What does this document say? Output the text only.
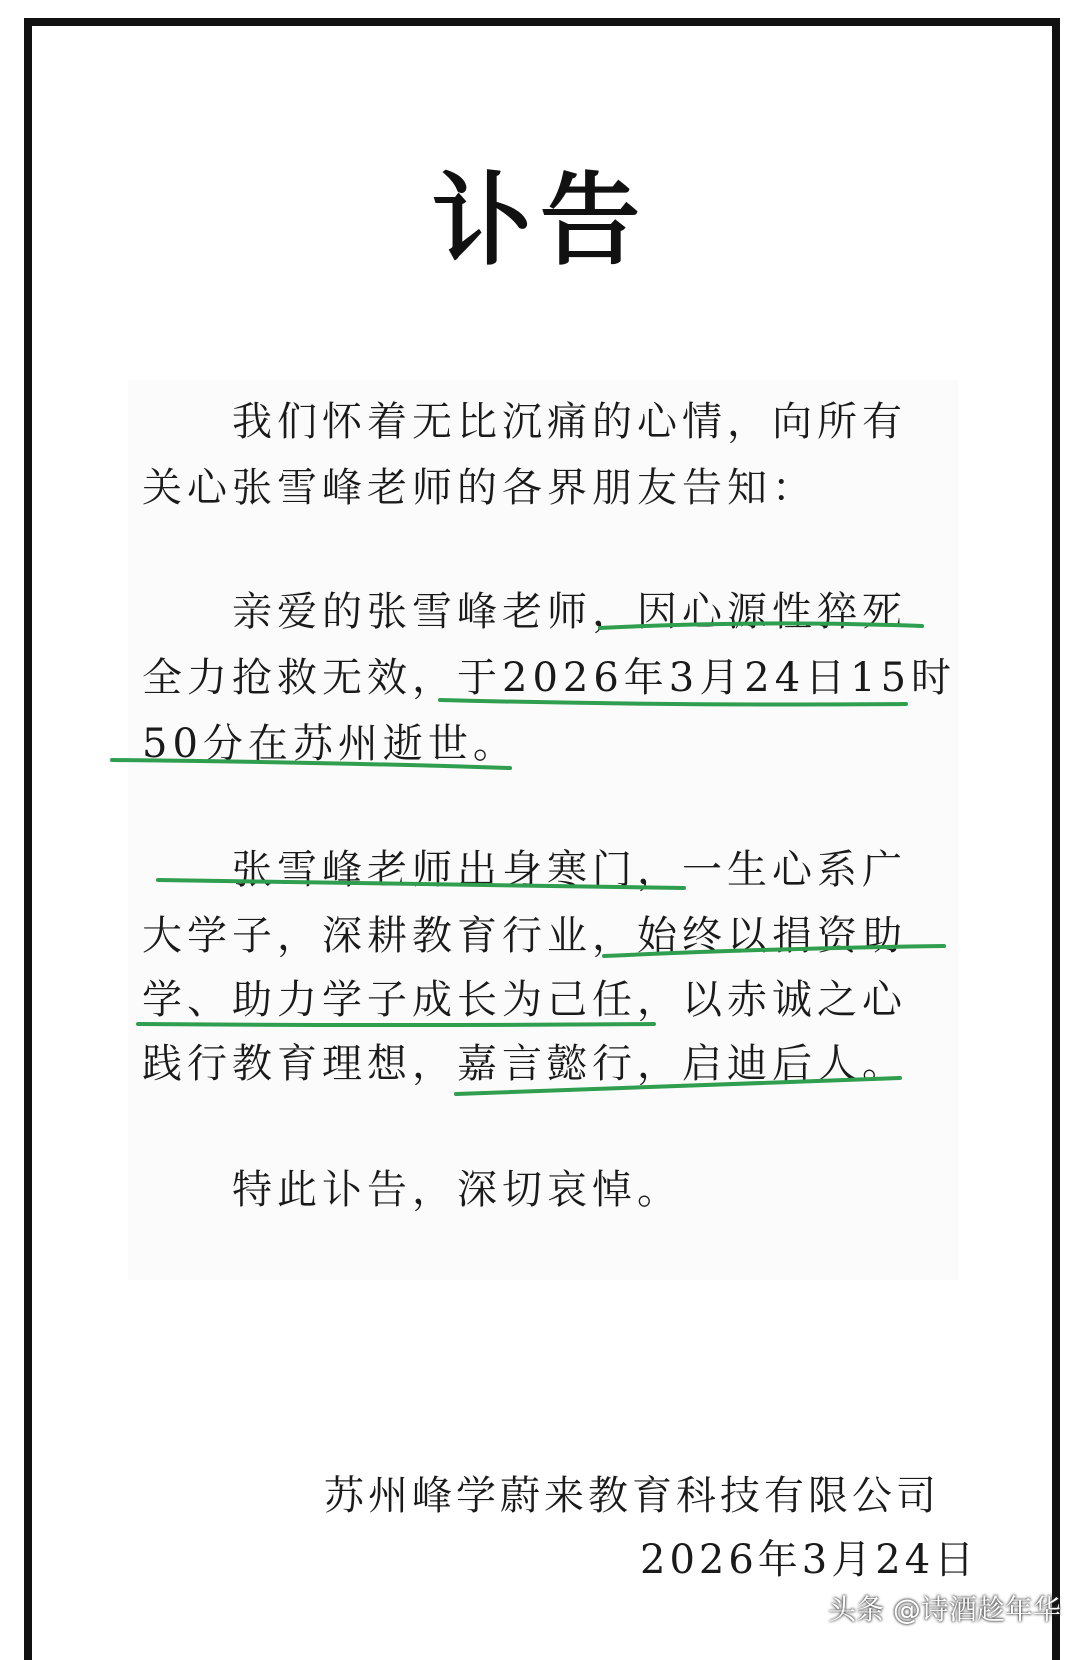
讣告
我们怀着无比沉痛的心情，向所有
关心张雪峰老师的各界朋友告知：
亲爱的张雪峰老师，因心源性猝死
全力抢救无效，于2026年3月24日15时
50分在苏州逝世。
张雪峰老师出身寒门，一生心系广
大学子，深耕教育行业，始终以捐资助
学、助力学子成长为己任，以赤诚之心
践行教育理想，嘉言懿行，启迪后人。
特此讣告，深切哀悼。
苏州峰学蔚来教育科技有限公司
2026年3月24日
头条 @诗酒趁年华
